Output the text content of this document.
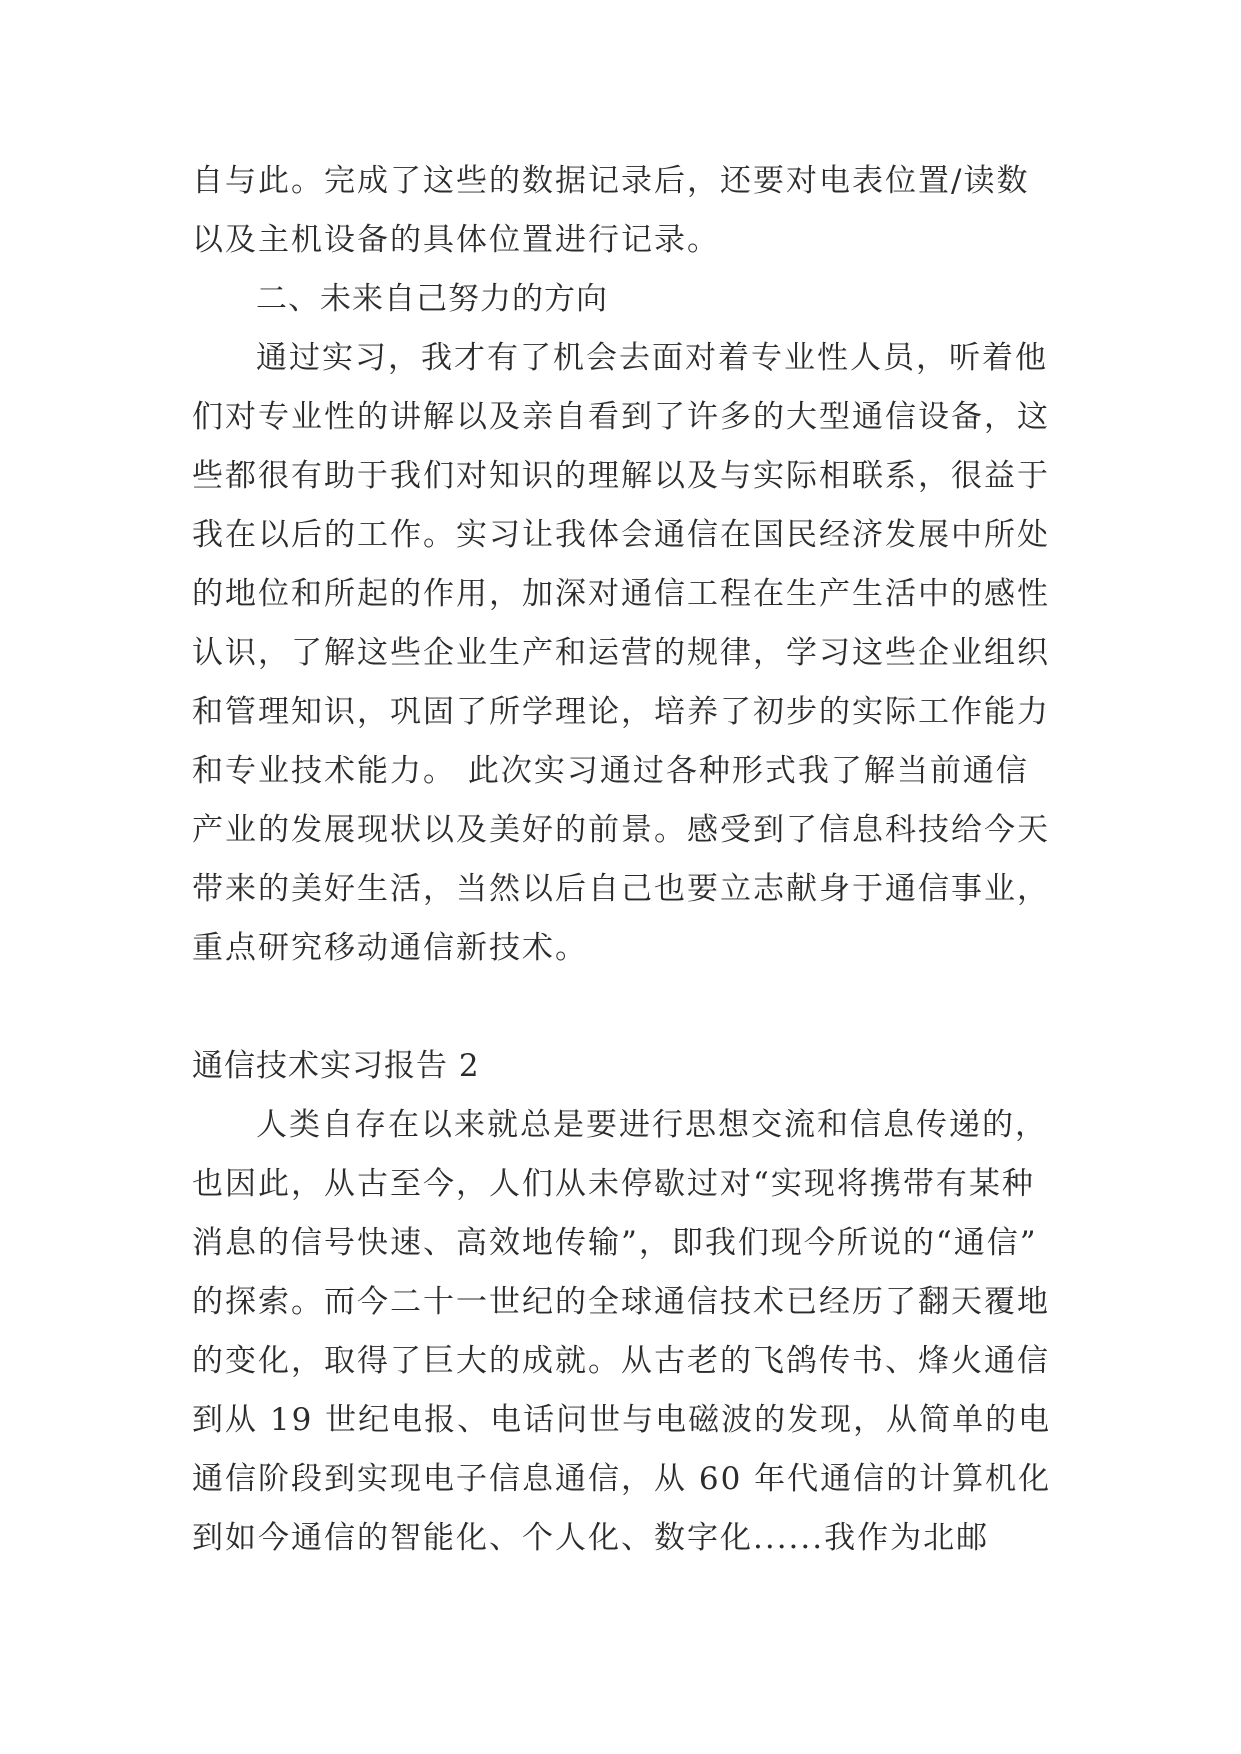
自与此。完成了这些的数据记录后，还要对电表位置/读数
以及主机设备的具体位置进行记录。
二、未来自己努力的方向
通过实习，我才有了机会去面对着专业性人员，听着他
们对专业性的讲解以及亲自看到了许多的大型通信设备，这
些都很有助于我们对知识的理解以及与实际相联系，很益于
我在以后的工作。实习让我体会通信在国民经济发展中所处
的地位和所起的作用，加深对通信工程在生产生活中的感性
认识，了解这些企业生产和运营的规律，学习这些企业组织
和管理知识，巩固了所学理论，培养了初步的实际工作能力
和专业技术能力。 此次实习通过各种形式我了解当前通信
产业的发展现状以及美好的前景。感受到了信息科技给今天
带来的美好生活，当然以后自己也要立志献身于通信事业，
重点研究移动通信新技术。
通信技术实习报告 2
人类自存在以来就总是要进行思想交流和信息传递的，
也因此，从古至今，人们从未停歇过对“实现将携带有某种
消息的信号快速、高效地传输”，即我们现今所说的“通信”
的探索。而今二十一世纪的全球通信技术已经历了翻天覆地
的变化，取得了巨大的成就。从古老的飞鸽传书、烽火通信
到从 19 世纪电报、电话问世与电磁波的发现，从简单的电
通信阶段到实现电子信息通信，从 60 年代通信的计算机化
到如今通信的智能化、个人化、数字化......我作为北邮
